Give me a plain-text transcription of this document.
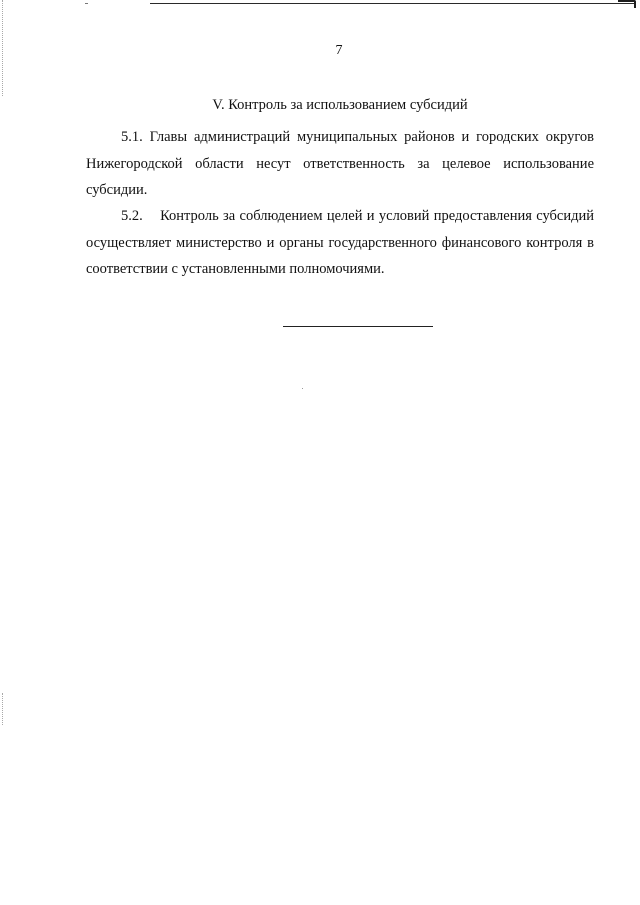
7
V. Контроль за использованием субсидий

5.1. Главы администраций муниципальных районов и городских округов Нижегородской области несут ответственность за целевое использование субсидии.

5.2. Контроль за соблюдением целей и условий предоставления субсидий осуществляет министерство и органы государственного финансового контроля в соответствии с установленными полномочиями.
